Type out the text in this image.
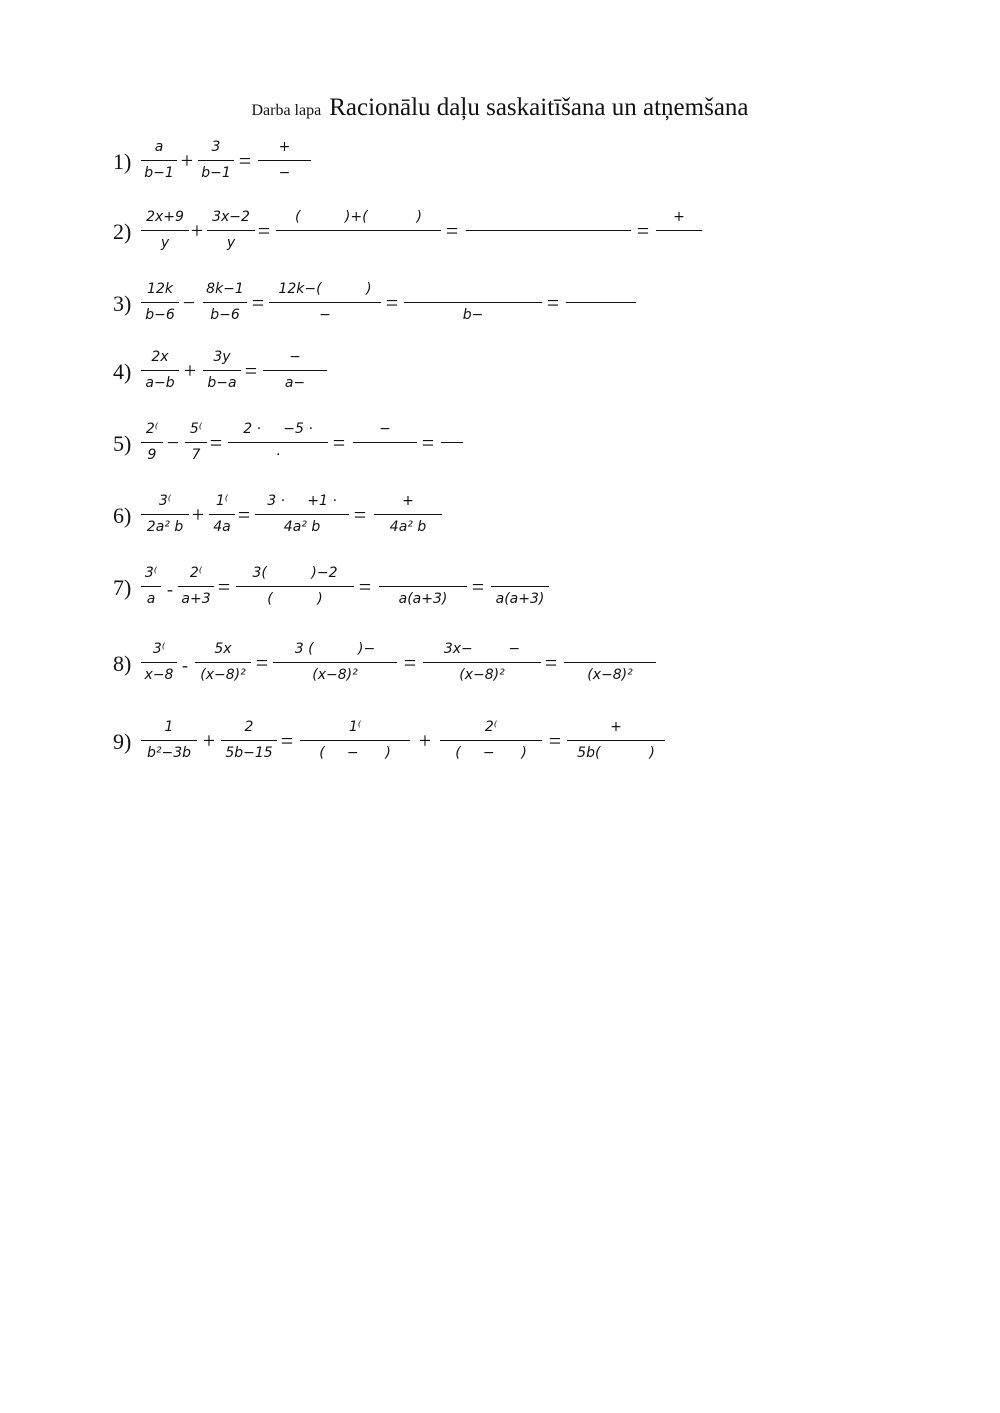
Darba lapa Racionālu daļu saskaitīšana un atņemšana
1)
a
b−1 +
3
b−1 =
+
−
2)
2x+9
y +
3x−2
y	=
(          )+(           )
=	=
+
3)
12k
b−6 −
8k−1
b−6 =
12k−(          )
−	=	b−	=
4)
2x
a−b +
3y
b−a =
−
a−
5)
2⁽
9 −
5⁽
7 =
2 ·     −5 ·
·	=
−
=
6)
3⁽
2a² b +
1⁽
4a =
3 ·     +1 ·
4a² b	=
+
4a² b
7)
3⁽
a -
2⁽
a+3 =
3(          )−2
(          )	=	a(a+3)	= a(a+3)
8)
3⁽
x−8 -
5x
(x−8)² =
3 (          )−
(x−8)²	=
3x−        −
(x−8)²	=	(x−8)²
9)
1
b²−3b +
2
5b−15 =
1⁽
(     −      )	+
2⁽
(     −      ) =
+
5b(           )
